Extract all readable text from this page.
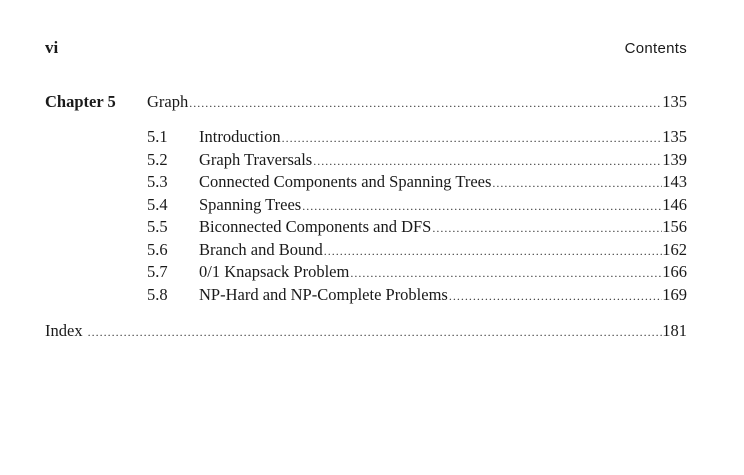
vi	Contents
Chapter 5 Graph .....	135
5.1 Introduction .....	135
5.2 Graph Traversals .....	139
5.3 Connected Components and Spanning Trees .....	143
5.4 Spanning Trees .....	146
5.5 Biconnected Components and DFS .....	156
5.6 Branch and Bound .....	162
5.7 0/1 Knapsack Problem .....	166
5.8 NP-Hard and NP-Complete Problems .....	169
Index .....	181
